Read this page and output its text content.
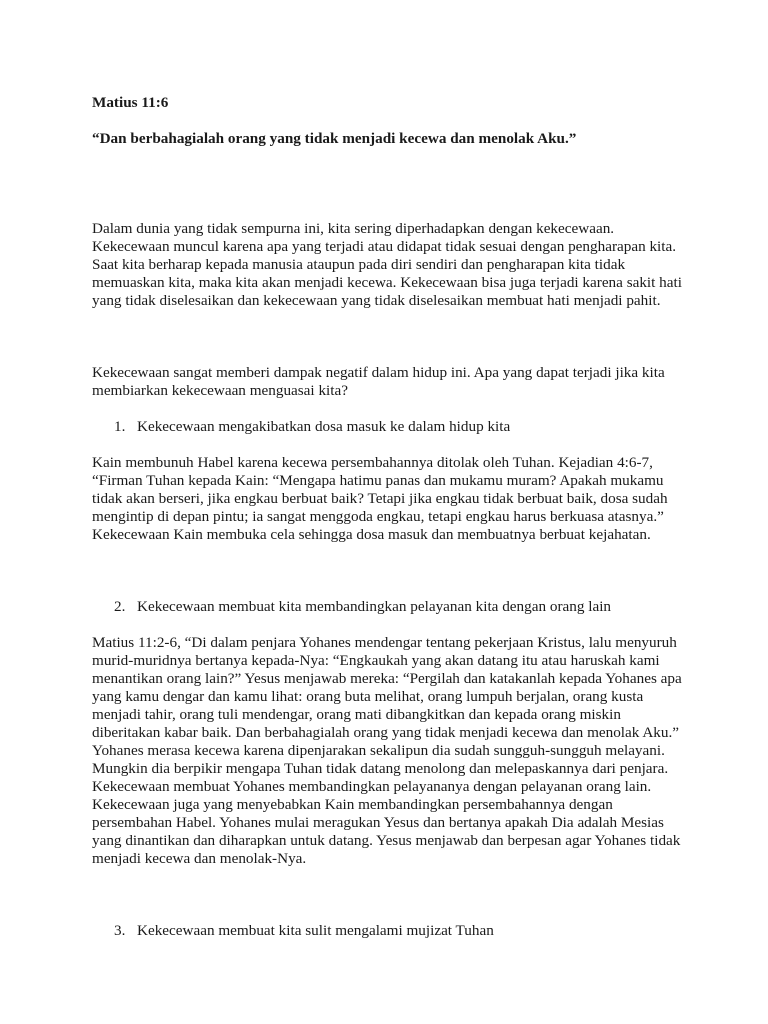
Matius 11:6

“Dan berbahagialah orang yang tidak menjadi kecewa dan menolak Aku.”

Dalam dunia yang tidak sempurna ini, kita sering diperhadapkan dengan kekecewaan. Kekecewaan muncul karena apa yang terjadi atau didapat tidak sesuai dengan pengharapan kita. Saat kita berharap kepada manusia ataupun pada diri sendiri dan pengharapan kita tidak memuaskan kita, maka kita akan menjadi kecewa. Kekecewaan bisa juga terjadi karena sakit hati yang tidak diselesaikan dan kekecewaan yang tidak diselesaikan membuat hati menjadi pahit.

Kekecewaan sangat memberi dampak negatif dalam hidup ini. Apa yang dapat terjadi jika kita membiarkan kekecewaan menguasai kita?

1. Kekecewaan mengakibatkan dosa masuk ke dalam hidup kita

Kain membunuh Habel karena kecewa persembahannya ditolak oleh Tuhan. Kejadian 4:6-7, “Firman Tuhan kepada Kain: “Mengapa hatimu panas dan mukamu muram? Apakah mukamu tidak akan berseri, jika engkau berbuat baik? Tetapi jika engkau tidak berbuat baik, dosa sudah mengintip di depan pintu; ia sangat menggoda engkau, tetapi engkau harus berkuasa atasnya.” Kekecewaan Kain membuka cela sehingga dosa masuk dan membuatnya berbuat kejahatan.

2. Kekecewaan membuat kita membandingkan pelayanan kita dengan orang lain

Matius 11:2-6, “Di dalam penjara Yohanes mendengar tentang pekerjaan Kristus, lalu menyuruh murid-muridnya bertanya kepada-Nya: “Engkaukah yang akan datang itu atau haruskah kami menantikan orang lain?” Yesus menjawab mereka: “Pergilah dan katakanlah kepada Yohanes apa yang kamu dengar dan kamu lihat: orang buta melihat, orang lumpuh berjalan, orang kusta menjadi tahir, orang tuli mendengar, orang mati dibangkitkan dan kepada orang miskin diberitakan kabar baik. Dan berbahagialah orang yang tidak menjadi kecewa dan menolak Aku.” Yohanes merasa kecewa karena dipenjarakan sekalipun dia sudah sungguh-sungguh melayani. Mungkin dia berpikir mengapa Tuhan tidak datang menolong dan melepaskannya dari penjara. Kekecewaan membuat Yohanes membandingkan pelayananya dengan pelayanan orang lain. Kekecewaan juga yang menyebabkan Kain membandingkan persembahannya dengan persembahan Habel. Yohanes mulai meragukan Yesus dan bertanya apakah Dia adalah Mesias yang dinantikan dan diharapkan untuk datang. Yesus menjawab dan berpesan agar Yohanes tidak menjadi kecewa dan menolak-Nya.

3. Kekecewaan membuat kita sulit mengalami mujizat Tuhan
